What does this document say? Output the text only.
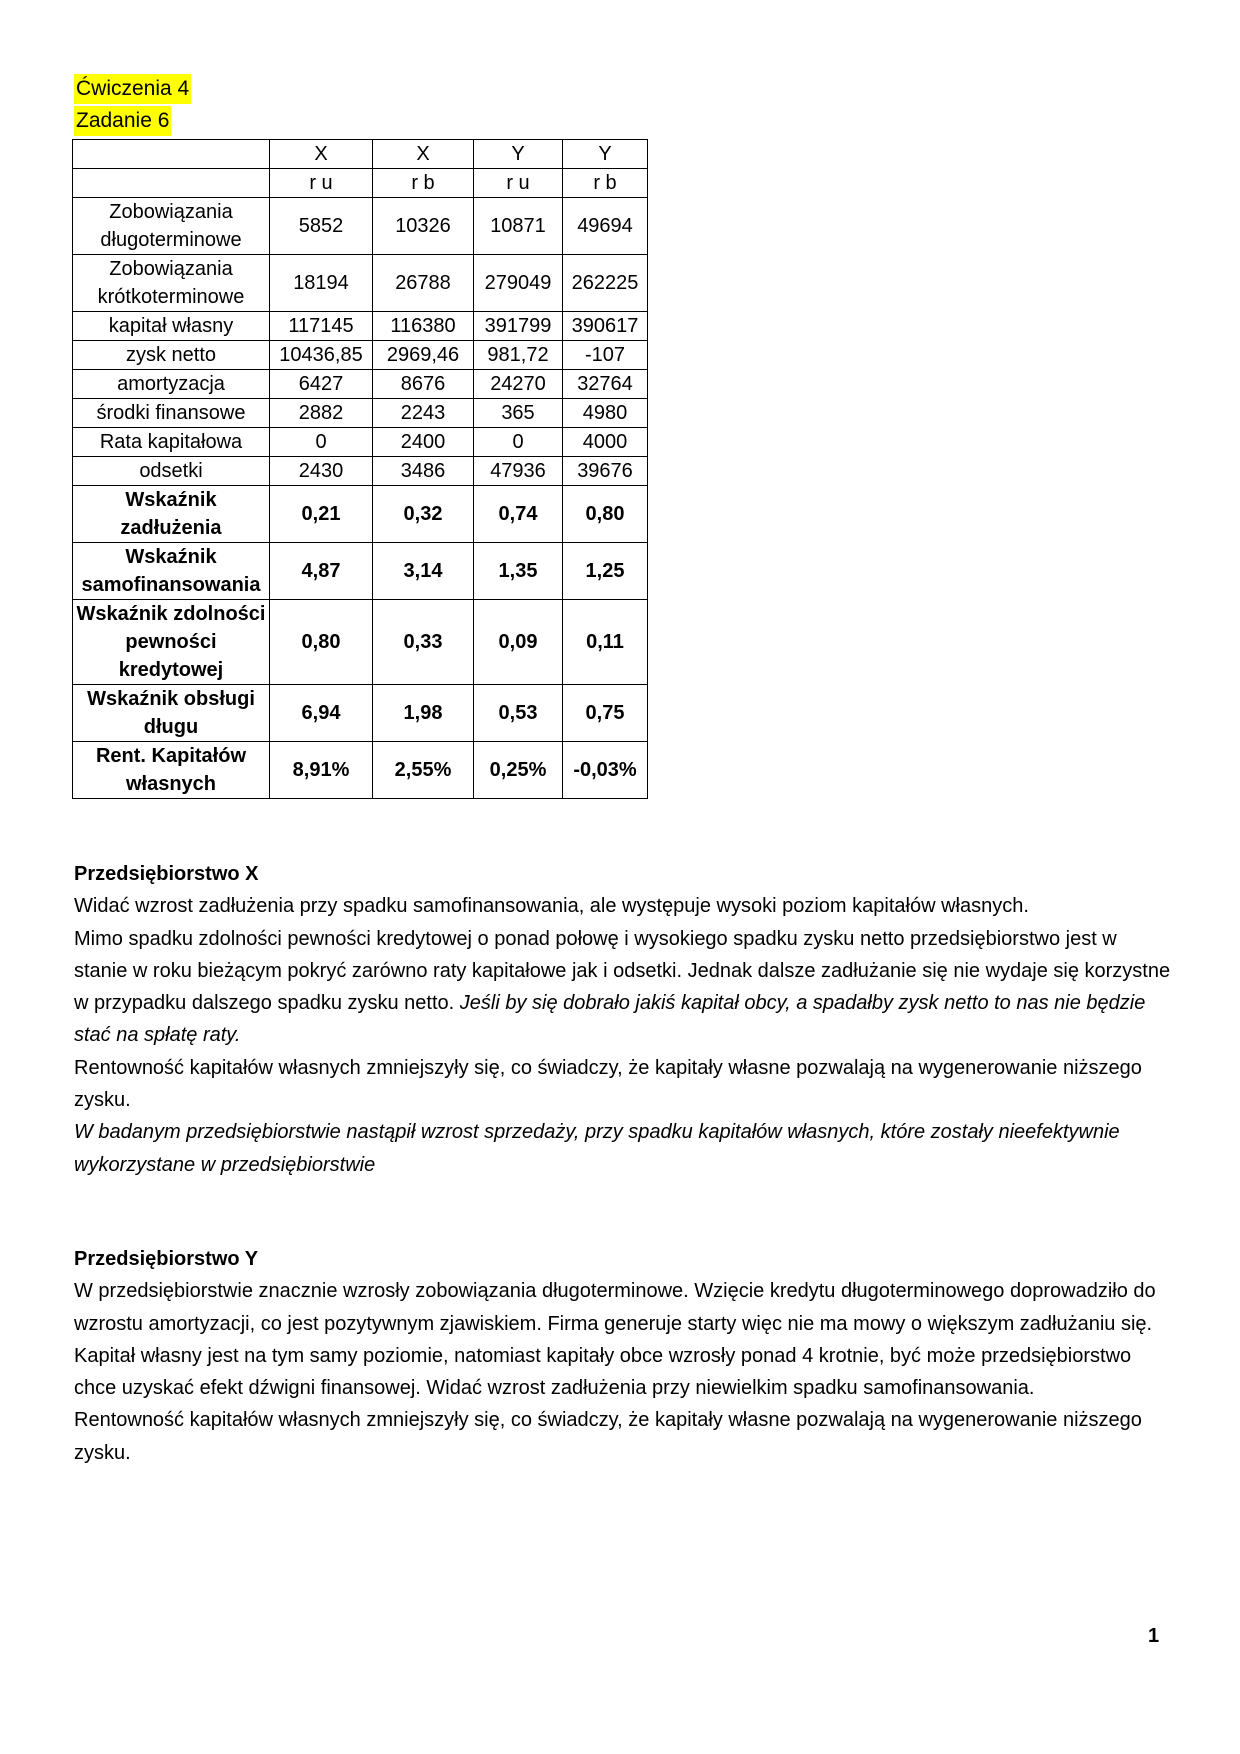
Ćwiczenia 4
Zadanie 6
	X	X	Y	Y
	r u	r b	r u	r b
Zobowiązania długoterminowe	5852	10326	10871	49694
Zobowiązania krótkoterminowe	18194	26788	279049	262225
kapitał własny	117145	116380	391799	390617
zysk netto	10436,85	2969,46	981,72	-107
amortyzacja	6427	8676	24270	32764
środki finansowe	2882	2243	365	4980
Rata kapitałowa	0	2400	0	4000
odsetki	2430	3486	47936	39676
Wskaźnik zadłużenia	0,21	0,32	0,74	0,80
Wskaźnik samofinansowania	4,87	3,14	1,35	1,25
Wskaźnik zdolności pewności kredytowej	0,80	0,33	0,09	0,11
Wskaźnik obsługi długu	6,94	1,98	0,53	0,75
Rent. Kapitałów własnych	8,91%	2,55%	0,25%	-0,03%

Przedsiębiorstwo X

Widać wzrost zadłużenia przy spadku samofinansowania, ale występuje wysoki poziom kapitałów własnych.

Mimo spadku zdolności pewności kredytowej o ponad połowę i wysokiego spadku zysku netto przedsiębiorstwo jest w stanie w roku bieżącym pokryć zarówno raty kapitałowe jak i odsetki. Jednak dalsze zadłużanie się nie wydaje się korzystne w przypadku dalszego spadku zysku netto. Jeśli by się dobrało jakiś kapitał obcy, a spadałby zysk netto to nas nie będzie stać na spłatę raty.

Rentowność kapitałów własnych zmniejszyły się, co świadczy, że kapitały własne pozwalają na wygenerowanie niższego zysku.

W badanym przedsiębiorstwie nastąpił wzrost sprzedaży, przy spadku kapitałów własnych, które zostały nieefektywnie wykorzystane w przedsiębiorstwie

Przedsiębiorstwo Y

W przedsiębiorstwie znacznie wzrosły zobowiązania długoterminowe. Wzięcie kredytu długoterminowego doprowadziło do wzrostu amortyzacji, co jest pozytywnym zjawiskiem. Firma generuje starty więc nie ma mowy o większym zadłużaniu się.

Kapitał własny jest na tym samy poziomie, natomiast kapitały obce wzrosły ponad 4 krotnie, być może przedsiębiorstwo chce uzyskać efekt dźwigni finansowej. Widać wzrost zadłużenia przy niewielkim spadku samofinansowania.

Rentowność kapitałów własnych zmniejszyły się, co świadczy, że kapitały własne pozwalają na wygenerowanie niższego zysku.

1
